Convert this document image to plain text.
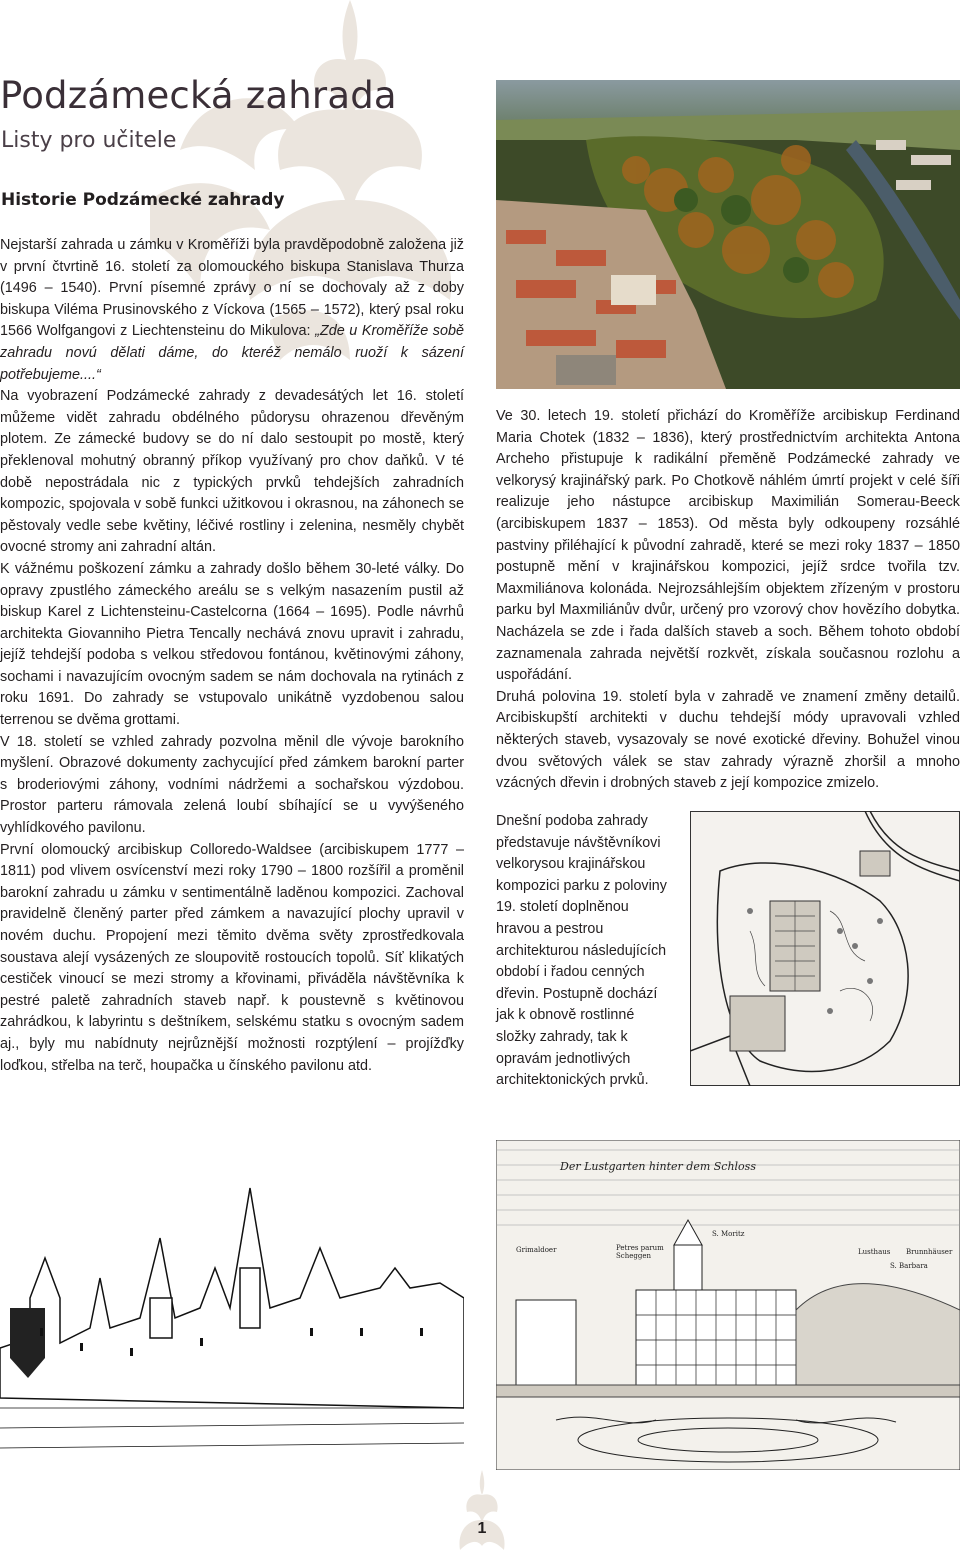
Podzámecká zahrada
Listy pro učitele
Historie Podzámecké zahrady

Nejstarší zahrada u zámku v Kroměříži byla pravděpodobně založena již v první čtvrtině 16. století za olomouckého biskupa Stanislava Thurza (1496 – 1540). První písemné zprávy o ní se dochovaly až z doby biskupa Viléma Prusinovského z Víckova (1565 – 1572), který psal roku 1566 Wolfgangovi z Liechtensteinu do Mikulova: „Zde u Kroměříže sobě zahradu novú dělati dáme, do kteréž nemálo ruoží k sázení potřebujeme....“

Na vyobrazení Podzámecké zahrady z devadesátých let 16. století můžeme vidět zahradu obdélného půdorysu ohrazenou dřevěným plotem. Ze zámecké budovy se do ní dalo sestoupit po mostě, který překlenoval mohutný obranný příkop využívaný pro chov daňků. V té době nepostrádala nic z typických prvků tehdejších zahradních kompozic, spojovala v sobě funkci užitkovou i okrasnou, na záhonech se pěstovaly vedle sebe květiny, léčivé rostliny i zelenina, nesměly chybět ovocné stromy ani zahradní altán.

K vážnému poškození zámku a zahrady došlo během 30-leté války. Do opravy zpustlého zámeckého areálu se s velkým nasazením pustil až biskup Karel z Lichtensteinu-Castelcorna (1664 – 1695). Podle návrhů architekta Giovanniho Pietra Tencally nechává znovu upravit i zahradu, jejíž tehdejší podoba s velkou středovou fontánou, květinovými záhony, sochami i navazujícím ovocným sadem se nám dochovala na rytinách z roku 1691. Do zahrady se vstupovalo unikátně vyzdobenou salou terrenou se dvěma grottami.

V 18. století se vzhled zahrady pozvolna měnil dle vývoje barokního myšlení. Obrazové dokumenty zachycující před zámkem barokní parter s broderiovými záhony, vodními nádržemi a sochařskou výzdobou. Prostor parteru rámovala zelená loubí sbíhající se u vyvýšeného vyhlídkového pavilonu.

První olomoucký arcibiskup Colloredo-Waldsee (arcibiskupem 1777 – 1811) pod vlivem osvícenství mezi roky 1790 – 1800 rozšířil a proměnil barokní zahradu u zámku v sentimentálně laděnou kompozici. Zachoval pravidelně členěný parter před zámkem a navazující plochy upravil v novém duchu. Propojení mezi těmito dvěma světy zprostředkovala soustava alejí vysázených ze sloupovitě rostoucích topolů. Síť klikatých cestiček vinoucí se mezi stromy a křovinami, přiváděla návštěvníka k pestré paletě zahradních staveb např. k poustevně s květinovou zahrádkou, k labyrintu s deštníkem, selskému statku s ovocným sadem aj., byly mu nabídnuty nejrůznější možnosti rozptýlení – projížďky loďkou, střelba na terč, houpačka u čínského pavilonu atd.

Ve 30. letech 19. století přichází do Kroměříže arcibiskup Ferdinand Maria Chotek (1832 – 1836), který prostřednictvím architekta Antona Archeho přistupuje k radikální přeměně Podzámecké zahrady ve velkorysý krajinářský park. Po Chotkově náhlém úmrtí projekt v celé šíři realizuje jeho nástupce arcibiskup Maximilián Somerau-Beeck (arcibiskupem 1837 – 1853). Od města byly odkoupeny rozsáhlé pastviny přiléhající k původní zahradě, které se mezi roky 1837 – 1850 postupně mění v krajinářskou kompozici, jejíž srdce tvořila tzv. Maxmiliánova kolonáda. Nejrozsáhlejším objektem zřízeným v prostoru parku byl Maxmiliánův dvůr, určený pro vzorový chov hovězího dobytka. Nacházela se zde i řada dalších staveb a soch. Během tohoto období zaznamenala zahrada největší rozkvět, získala současnou rozlohu a uspořádání.

Druhá polovina 19. století byla v zahradě ve znamení změny detailů. Arcibiskupští architekti v duchu tehdejší módy upravovali vzhled některých staveb, vysazovaly se nové exotické dřeviny. Bohužel vinou dvou světových válek se stav zahrady výrazně zhoršil a mnoho vzácných dřevin i drobných staveb z její kompozice zmizelo.

Dnešní podoba zahrady představuje návštěvníkovi velkorysou krajinářskou kompozici parku z poloviny 19. století doplněnou hravou a pestrou architekturou následujících období i řadou cenných dřevin. Postupně dochází jak k obnově rostlinné složky zahrady, tak k opravám jednotlivých architektonických prvků.

Der Lustgarten hinter dem Schloss
Grimaldoer	Petres parum Scheggen
S. Moritz
Lusthaus Brunnhäuser
S. Barbara
1
